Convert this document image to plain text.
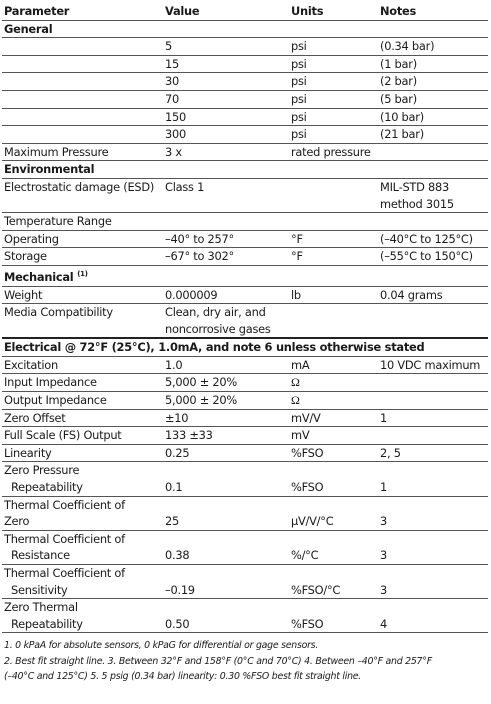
Parameter	Value	Units	Notes
General			
	5	psi	(0.34 bar)
	15	psi	(1 bar)
	30	psi	(2 bar)
	70	psi	(5 bar)
	150	psi	(10 bar)
	300	psi	(21 bar)
Maximum Pressure	3 x	rated pressure	
Environmental			
Electrostatic damage (ESD)	Class 1		MIL-STD 883
method 3015

Temperature Range			
Operating	–40° to 257°	°F	(–40°C to 125°C)
Storage	–67° to 302°	°F	(–55°C to 150°C)
Mechanical $^{(1)}$
Weight	0.000009	lb	0.04 grams
Media Compatibility	Clean, dry air, and
noncorrosive gases		

Electrical @ 72°F (25°C), 1.0mA, and note 6 unless otherwise stated			
Excitation	1.0	mA	10 VDC maximum
Input Impedance	5,000 ± 20%	Ω	
Output Impedance	5,000 ± 20%	Ω	
Zero Offset	±10	mV/V	1
Full Scale (FS) Output	133 ±33	mV	
Linearity	0.25	%FSO	2, 5

Zero Pressure
Repeatability	0.1	%FSO	1

Thermal Coefficient of
Zero	25	µV/V/°C	3

Thermal Coefficient of
Resistance	0.38	%/°C	3

Thermal Coefficient of
Sensitivity	–0.19	%FSO/°C	3

Zero Thermal
Repeatability	0.50	%FSO	4
1. 0 kPaA for absolute sensors, 0 kPaG for differential or gage sensors.
2. Best fit straight line. 3. Between 32°F and 158°F (0°C and 70°C) 4. Between –40°F and 257°F
(–40°C and 125°C) 5. 5 psig (0.34 bar) linearity: 0.30 %FSO best fit straight line.
